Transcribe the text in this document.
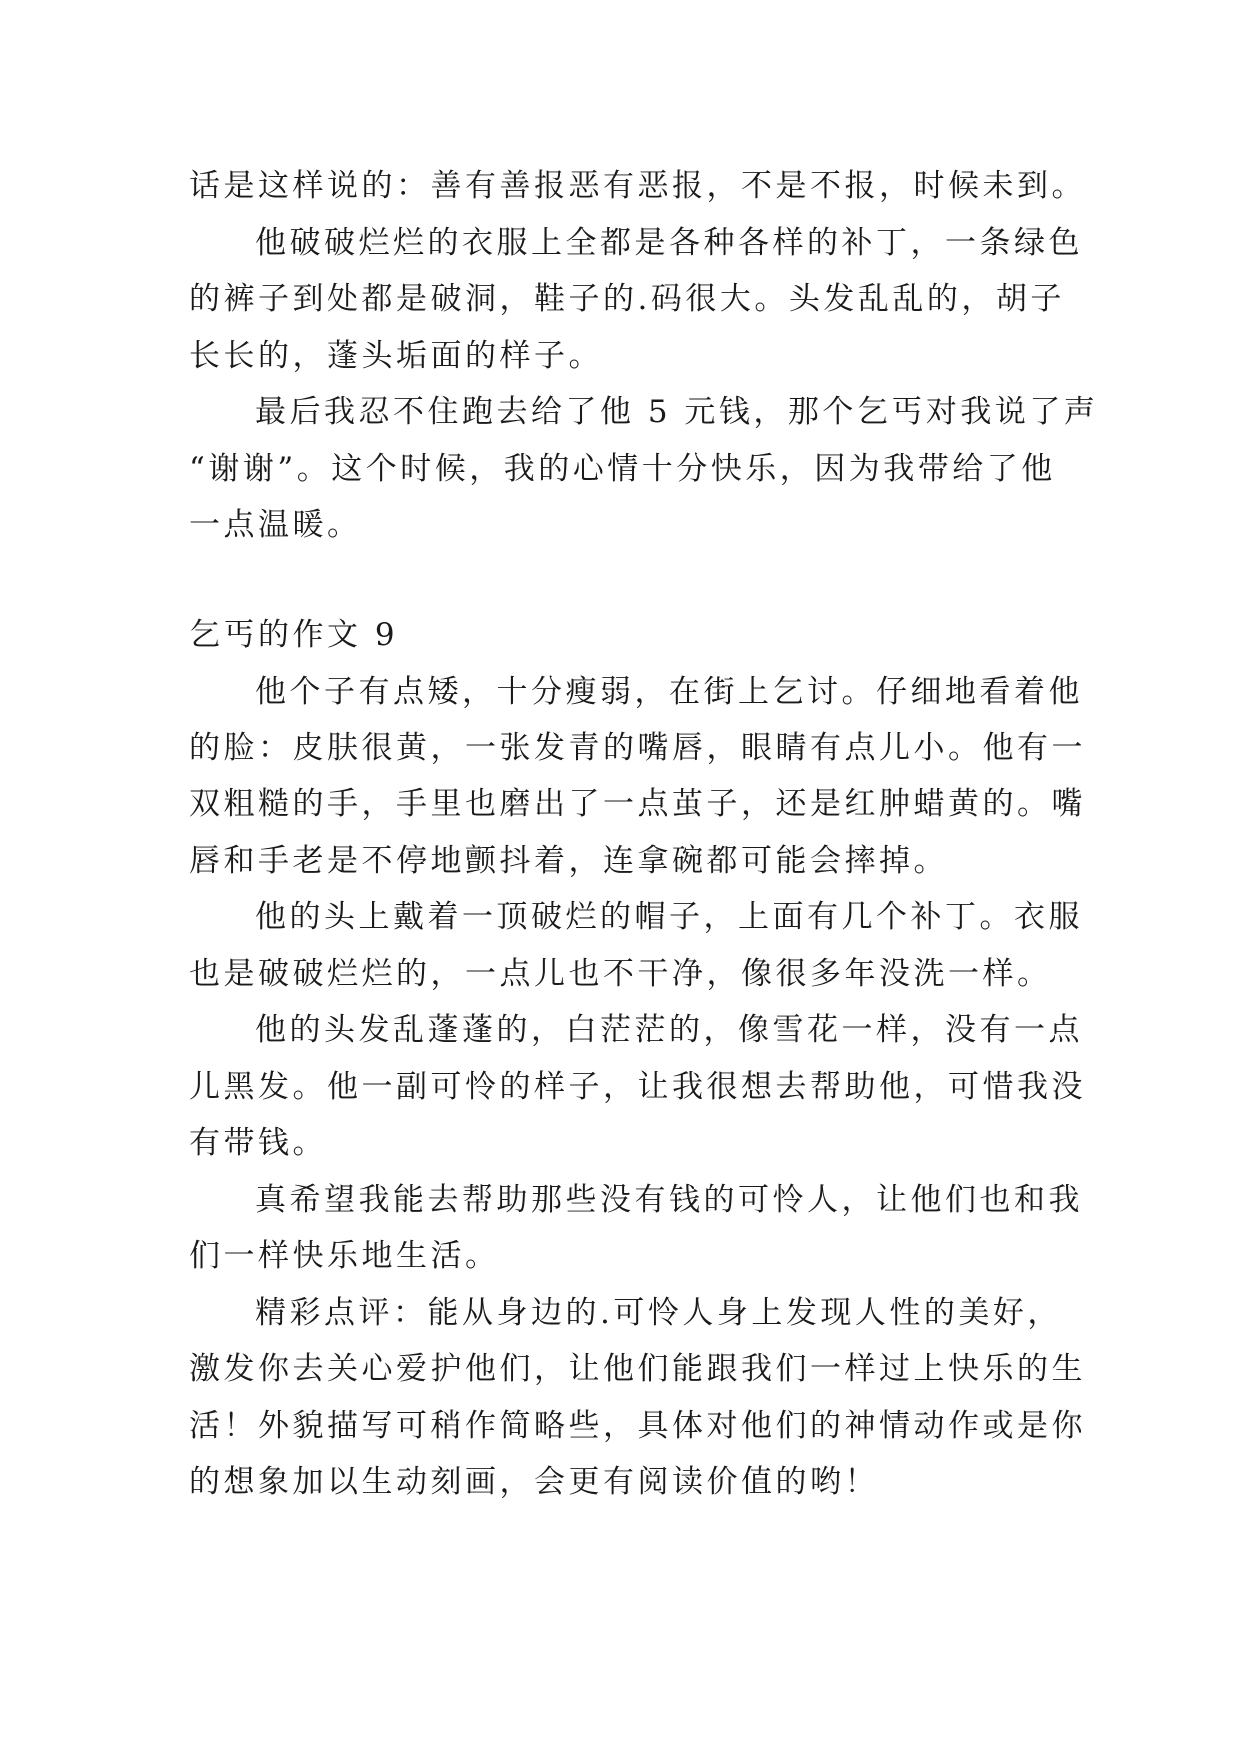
话是这样说的：善有善报恶有恶报，不是不报，时候未到。

他破破烂烂的衣服上全都是各种各样的补丁，一条绿色

的裤子到处都是破洞，鞋子的.码很大。头发乱乱的，胡子

长长的，蓬头垢面的样子。

最后我忍不住跑去给了他 5 元钱，那个乞丐对我说了声

“谢谢”。这个时候，我的心情十分快乐，因为我带给了他

一点温暖。

乞丐的作文 9

他个子有点矮，十分瘦弱，在街上乞讨。仔细地看着他

的脸：皮肤很黄，一张发青的嘴唇，眼睛有点儿小。他有一

双粗糙的手，手里也磨出了一点茧子，还是红肿蜡黄的。嘴

唇和手老是不停地颤抖着，连拿碗都可能会摔掉。

他的头上戴着一顶破烂的帽子，上面有几个补丁。衣服

也是破破烂烂的，一点儿也不干净，像很多年没洗一样。

他的头发乱蓬蓬的，白茫茫的，像雪花一样，没有一点

儿黑发。他一副可怜的样子，让我很想去帮助他，可惜我没

有带钱。

真希望我能去帮助那些没有钱的可怜人，让他们也和我

们一样快乐地生活。

精彩点评：能从身边的.可怜人身上发现人性的美好，

激发你去关心爱护他们，让他们能跟我们一样过上快乐的生

活！外貌描写可稍作简略些，具体对他们的神情动作或是你

的想象加以生动刻画，会更有阅读价值的哟！
